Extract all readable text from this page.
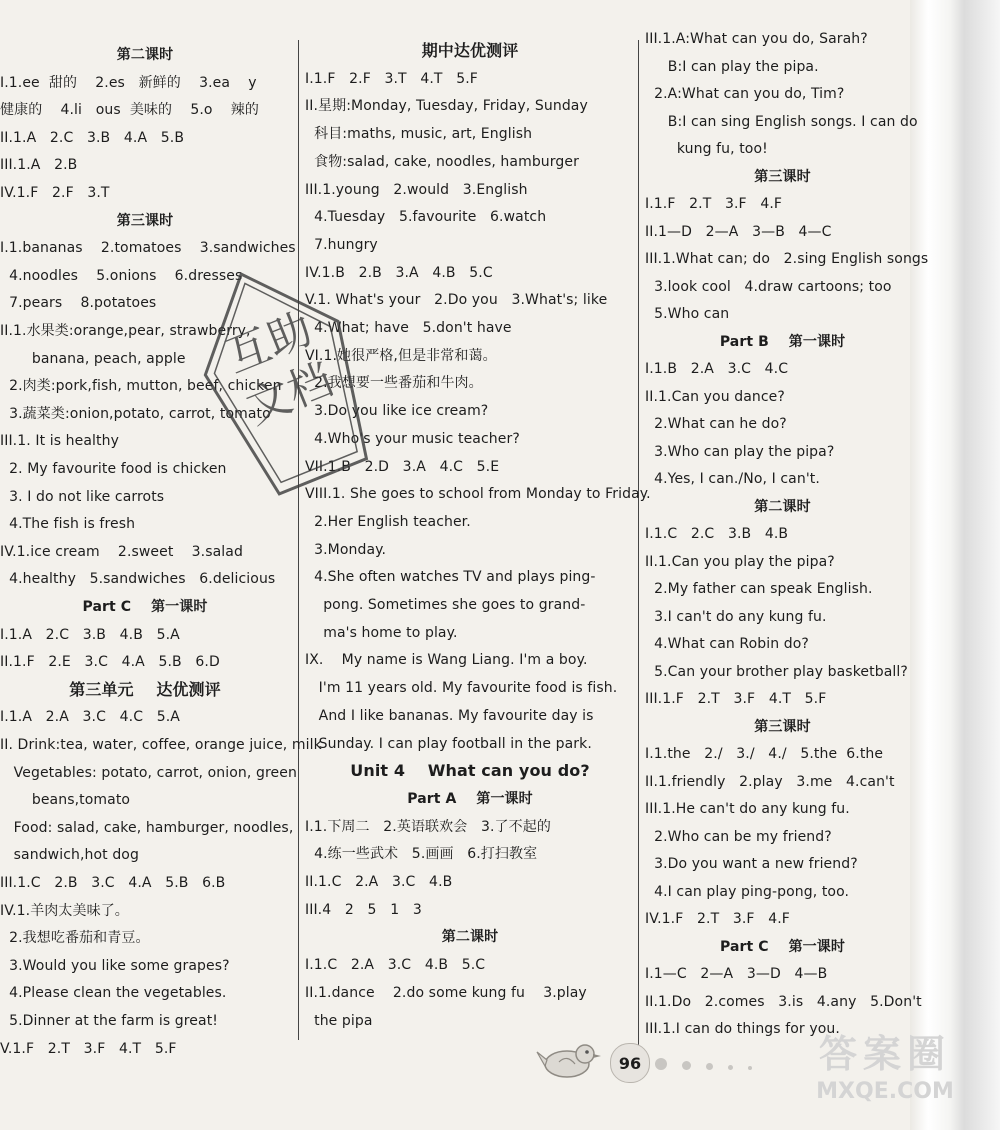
第二课时
I.1.ee  甜的    2.es   新鲜的    3.ea    y
健康的    4.li   ous  美味的    5.o    辣的
II.1.A   2.C   3.B   4.A   5.B
III.1.A   2.B
IV.1.F   2.F   3.T
第三课时
I.1.bananas    2.tomatoes    3.sandwiches
4.noodles    5.onions    6.dresses
7.pears    8.potatoes
II.1.水果类:orange,pear, strawberry,
banana, peach, apple
2.肉类:pork,fish, mutton, beef, chicken
3.蔬菜类:onion,potato, carrot, tomato
III.1. It is healthy
2. My favourite food is chicken
3. I do not like carrots
4.The fish is fresh
IV.1.ice cream    2.sweet    3.salad
4.healthy   5.sandwiches   6.delicious
Part C    第一课时
I.1.A   2.C   3.B   4.B   5.A
II.1.F   2.E   3.C   4.A   5.B   6.D
第三单元    达优测评
I.1.A   2.A   3.C   4.C   5.A
II. Drink:tea, water, coffee, orange juice, milk
Vegetables: potato, carrot, onion, green
beans,tomato
Food: salad, cake, hamburger, noodles,
sandwich,hot dog
III.1.C   2.B   3.C   4.A   5.B   6.B
IV.1.羊肉太美味了。
2.我想吃番茄和青豆。
3.Would you like some grapes?
4.Please clean the vegetables.
5.Dinner at the farm is great!
V.1.F   2.T   3.F   4.T   5.F
期中达优测评
I.1.F   2.F   3.T   4.T   5.F
II.星期:Monday, Tuesday, Friday, Sunday
科目:maths, music, art, English
食物:salad, cake, noodles, hamburger
III.1.young   2.would   3.English
4.Tuesday   5.favourite   6.watch
7.hungry
IV.1.B   2.B   3.A   4.B   5.C
V.1. What's your   2.Do you   3.What's; like
4.What; have   5.don't have
VI.1.她很严格,但是非常和蔼。
2.我想要一些番茄和牛肉。
3.Do you like ice cream?
4.Who's your music teacher?
VII.1.B   2.D   3.A   4.C   5.E
VIII.1. She goes to school from Monday to Friday.
2.Her English teacher.
3.Monday.
4.She often watches TV and plays ping-
pong. Sometimes she goes to grand-
ma's home to play.
IX.    My name is Wang Liang. I'm a boy.
I'm 11 years old. My favourite food is fish.
And I like bananas. My favourite day is
Sunday. I can play football in the park.
Unit 4    What can you do?
Part A    第一课时
I.1.下周二   2.英语联欢会   3.了不起的
4.练一些武术   5.画画   6.打扫教室
II.1.C   2.A   3.C   4.B
III.4   2   5   1   3
第二课时
I.1.C   2.A   3.C   4.B   5.C
II.1.dance    2.do some kung fu    3.play
the pipa
III.1.A:What can you do, Sarah?
B:I can play the pipa.
2.A:What can you do, Tim?
B:I can sing English songs. I can do
kung fu, too!
第三课时
I.1.F   2.T   3.F   4.F
II.1—D   2—A   3—B   4—C
III.1.What can; do   2.sing English songs
3.look cool   4.draw cartoons; too
5.Who can
Part B    第一课时
I.1.B   2.A   3.C   4.C
II.1.Can you dance?
2.What can he do?
3.Who can play the pipa?
4.Yes, I can./No, I can't.
第二课时
I.1.C   2.C   3.B   4.B
II.1.Can you play the pipa?
2.My father can speak English.
3.I can't do any kung fu.
4.What can Robin do?
5.Can your brother play basketball?
III.1.F   2.T   3.F   4.T   5.F
第三课时
I.1.the   2./   3./   4./   5.the  6.the
II.1.friendly   2.play   3.me   4.can't
III.1.He can't do any kung fu.
2.Who can be my friend?
3.Do you want a new friend?
4.I can play ping-pong, too.
IV.1.F   2.T   3.F   4.F
Part C    第一课时
I.1—C   2—A   3—D   4—B
II.1.Do   2.comes   3.is   4.any   5.Don't
III.1.I can do things for you.
互助
文档
96
	答案圈
MXQE.COM
